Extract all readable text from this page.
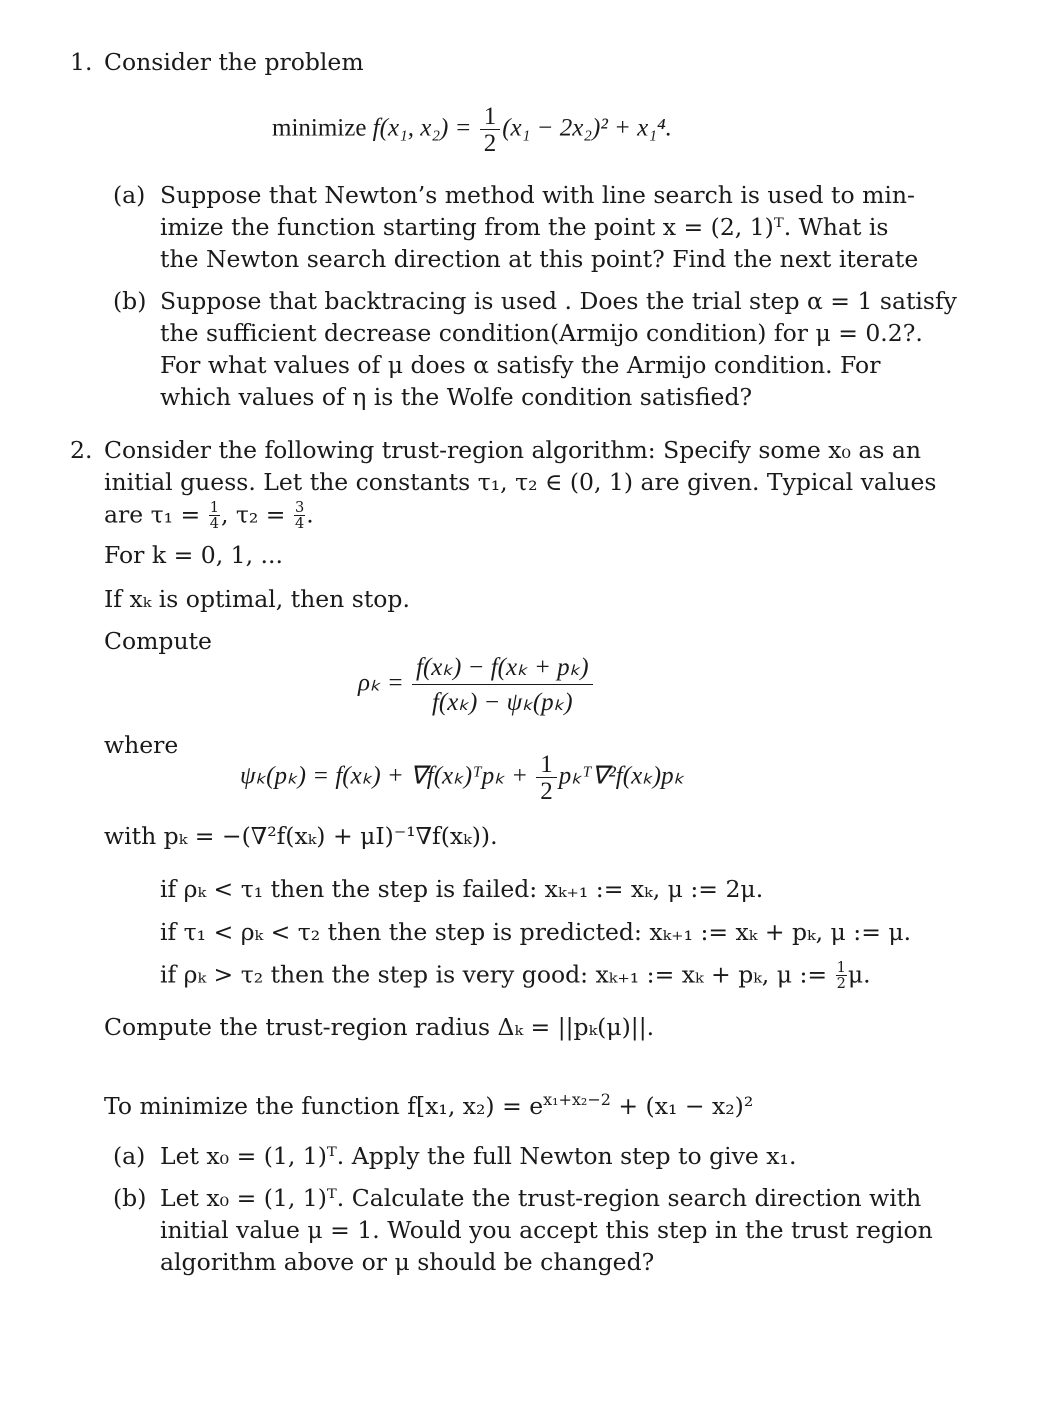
1. Consider the problem
minimize f(x₁, $x_2) = \frac{1}{2} (x_1 - 2x_2)^2 + x_1^4$.
(a) Suppose that Newton’s method with line search is used to min-
imize the function starting from the point x = (2, 1)ᵀ. What is
the Newton search direction at this point? Find the next iterate
(b) Suppose that backtracing is used . Does the trial step α = 1 satisfy
the sufficient decrease condition(Armijo condition) for μ = 0.2?.
For what values of μ does α satisfy the Armijo condition. For
which values of η is the Wolfe condition satisfied?
2. Consider the following trust-region algorithm: Specify some x₀ as an
initial guess. Let the constants τ₁, τ₂ ∈ (0, 1) are given. Typical values
are $\tau_1 = \frac{1}{4}$ , $\tau_2 = \frac{3}{4}$ .
For k = 0, 1, ...
If xₖ is optimal, then stop.
Compute
$\rho_k = \frac{\text{f(xₖ) − f(xₖ + pₖ)}}{\text{f(xₖ) − ψₖ(pₖ)}}$
where
ψₖ(pₖ) = f(xₖ) + ∇f(xₖ)ᵀpₖ + $\frac{1}{2}$ pₖᵀ∇²f(xₖ)pₖ
with pₖ = −(∇²f(xₖ) + μI)⁻¹∇f(xₖ)).
if ρₖ < τ₁ then the step is failed: xₖ₊₁ := xₖ, μ := 2μ.
if τ₁ < ρₖ < τ₂ then the step is predicted: xₖ₊₁ := xₖ + pₖ, μ := μ.
if ρₖ > τ₂ then the step is very good: xₖ₊₁ := xₖ + pₖ, μ := $\frac{1}{2} \mu$.
Compute the trust-region radius Δₖ = ||pₖ(μ)||.
To minimize the function f[x₁, $x_2) = e^{x_1+x_2-2} + (x_1 - x_2)^2$
(a) Let x₀ = (1, 1)ᵀ. Apply the full Newton step to give x₁.
(b) Let x₀ = (1, 1)ᵀ. Calculate the trust-region search direction with
initial value μ = 1. Would you accept this step in the trust region
algorithm above or μ should be changed?
